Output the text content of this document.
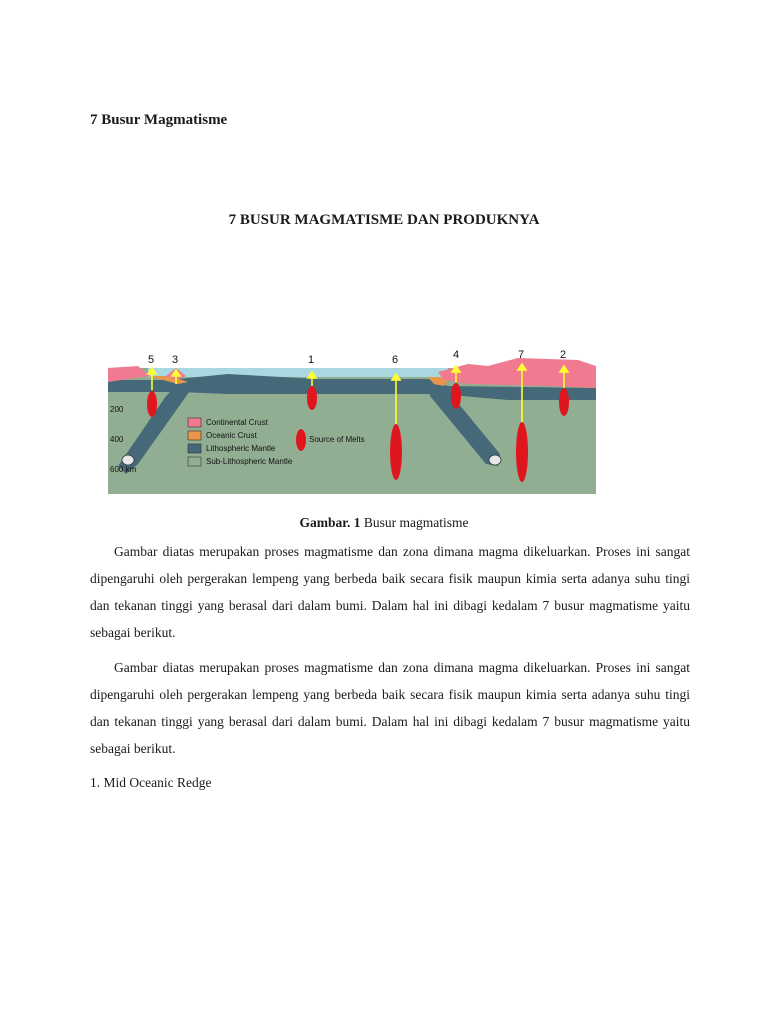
7 Busur Magmatisme
7 BUSUR MAGMATISME DAN PRODUKNYA
5 3	1	6	4	7	2
200
400
600 km
Continental Crust
Oceanic Crust
Lithospheric Mantle
Sub-Lithospheric Mantle
Source of Melts

Gambar. 1 Busur magmatisme

Gambar diatas merupakan proses magmatisme dan zona dimana magma dikeluarkan. Proses ini sangat dipengaruhi oleh pergerakan lempeng yang berbeda baik secara fisik maupun kimia serta adanya suhu tingi dan tekanan tinggi yang berasal dari dalam bumi. Dalam hal ini dibagi kedalam 7 busur magmatisme yaitu sebagai berikut.

Gambar diatas merupakan proses magmatisme dan zona dimana magma dikeluarkan. Proses ini sangat dipengaruhi oleh pergerakan lempeng yang berbeda baik secara fisik maupun kimia serta adanya suhu tingi dan tekanan tinggi yang berasal dari dalam bumi. Dalam hal ini dibagi kedalam 7 busur magmatisme yaitu sebagai berikut.

1. Mid Oceanic Redge
